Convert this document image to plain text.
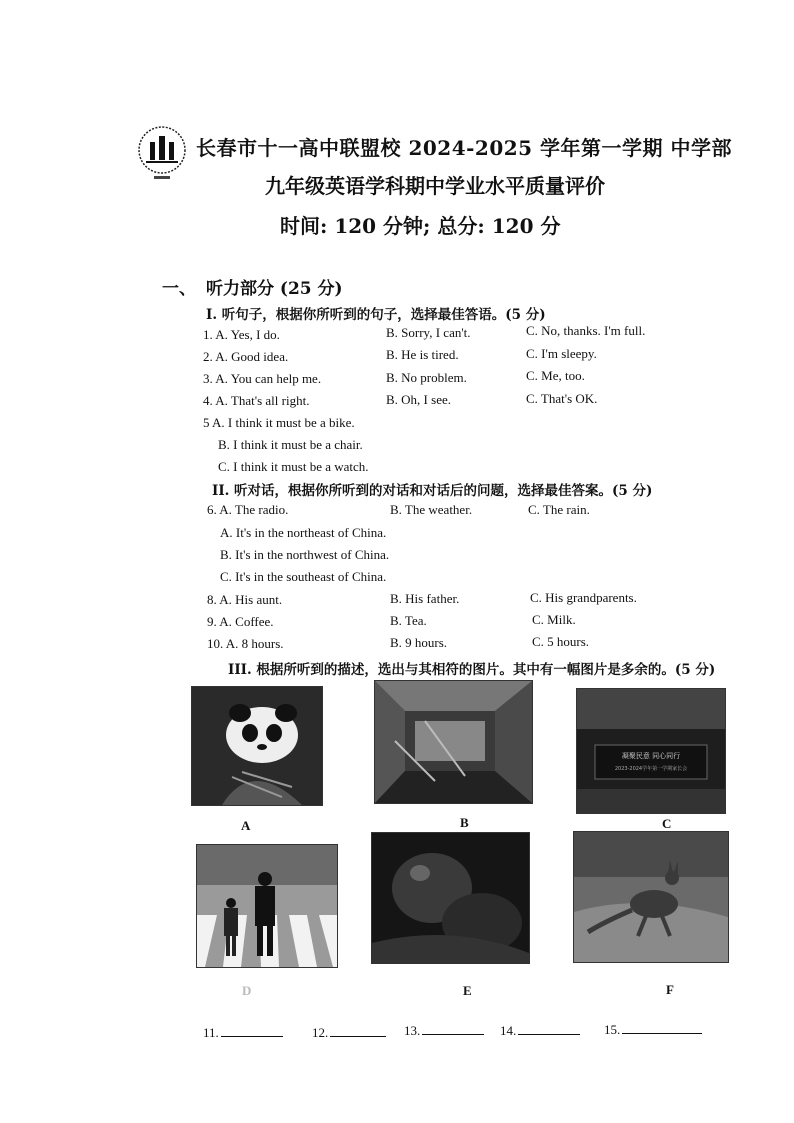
长春市十一高中联盟校 2024-2025 学年第一学期 中学部
九年级英语学科期中学业水平质量评价
时间: 120 分钟; 总分: 120 分
一、 听力部分 (25 分)
I. 听句子，根据你所听到的句子，选择最佳答语。(5 分)
1. A. Yes, I do.	B. Sorry, I can't.	C. No, thanks. I'm full.
2. A. Good idea.	B. He is tired.	C. I'm sleepy.
3. A. You can help me.	B. No problem.	C. Me, too.
4. A. That's all right.	B. Oh, I see.	C. That's OK.
5 A. I think it must be a bike.
B. I think it must be a chair.
C. I think it must be a watch.
II. 听对话，根据你所听到的对话和对话后的问题，选择最佳答案。(5 分)
6. A. The radio.	B. The weather.	C. The rain.
A. It's in the northeast of China.
B. It's in the northwest of China.
C. It's in the southeast of China.
8. A. His aunt.	B. His father.	C. His grandparents.
9. A. Coffee.	B. Tea.	C. Milk.
10. A. 8 hours.	B. 9 hours.	C. 5 hours.
III. 根据所听到的描述，选出与其相符的图片。其中有一幅图片是多余的。(5 分)
A	B
凝聚民意 同心同行
2023-2024学年第一学期家长会
C
D	E	F
11.	12.	13.	14.	15.
